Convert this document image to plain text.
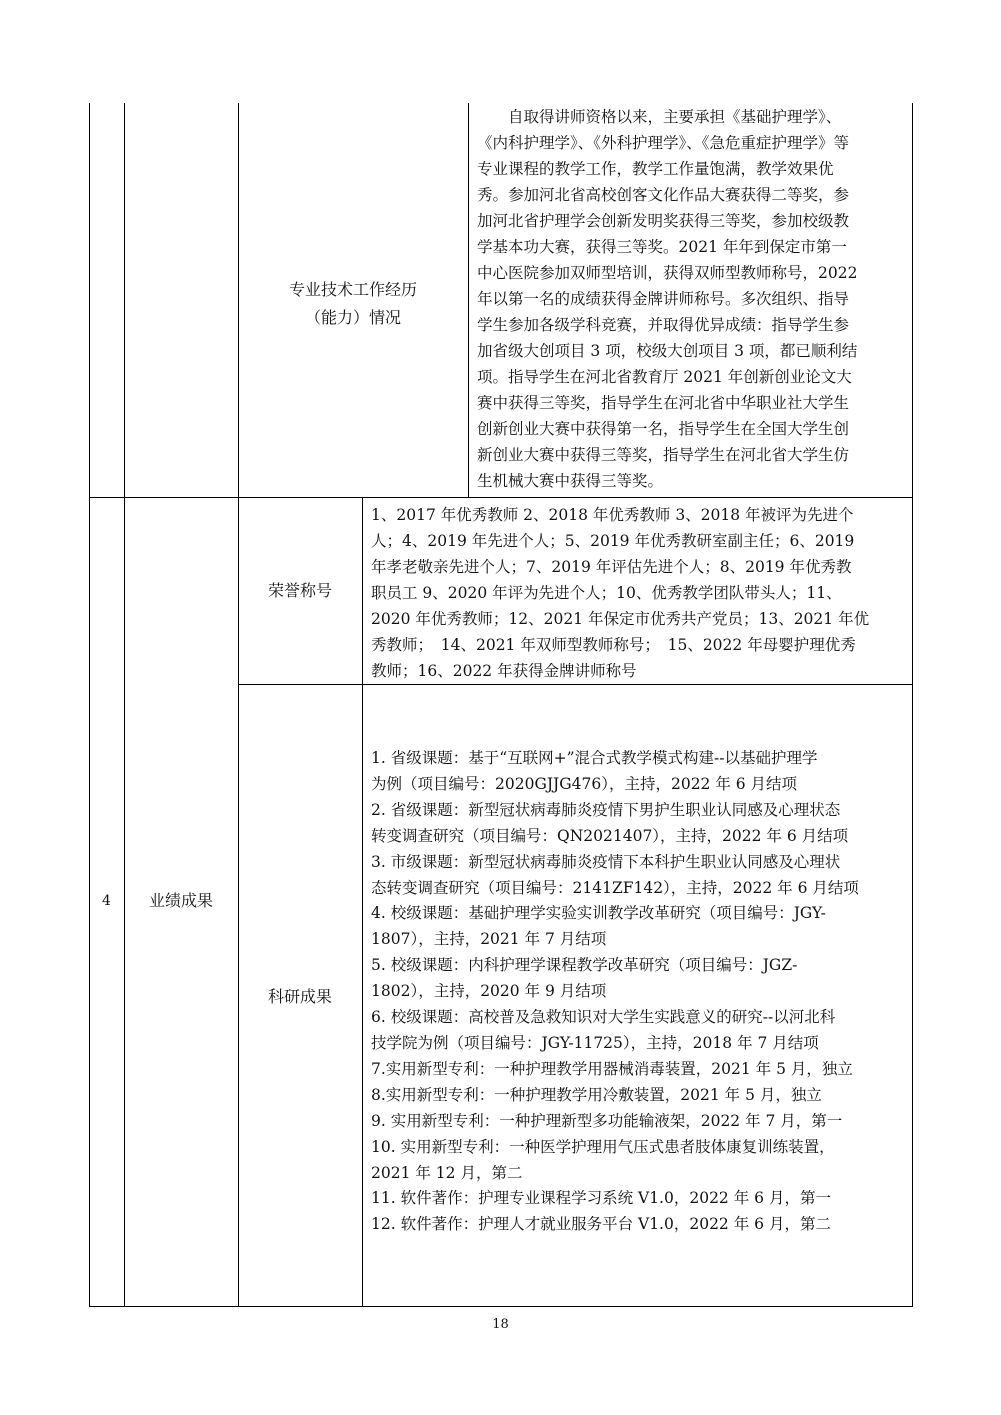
专业技术工作经历
（能力）情况
　　自取得讲师资格以来，主要承担《基础护理学》、
《内科护理学》、《外科护理学》、《急危重症护理学》等
专业课程的教学工作，教学工作量饱满，教学效果优
秀。参加河北省高校创客文化作品大赛获得二等奖，参
加河北省护理学会创新发明奖获得三等奖，参加校级教
学基本功大赛，获得三等奖。2021 年年到保定市第一
中心医院参加双师型培训，获得双师型教师称号，2022
年以第一名的成绩获得金牌讲师称号。多次组织、指导
学生参加各级学科竞赛，并取得优异成绩：指导学生参
加省级大创项目 3 项，校级大创项目 3 项，都已顺利结
项。指导学生在河北省教育厅 2021 年创新创业论文大
赛中获得三等奖，指导学生在河北省中华职业社大学生
创新创业大赛中获得第一名，指导学生在全国大学生创
新创业大赛中获得三等奖，指导学生在河北省大学生仿
生机械大赛中获得三等奖。
4	业绩成果
荣誉称号
1、2017 年优秀教师 2、2018 年优秀教师 3、2018 年被评为先进个
人；4、2019 年先进个人；5、2019 年优秀教研室副主任；6、2019
年孝老敬亲先进个人；7、2019 年评估先进个人；8、2019 年优秀教
职员工 9、2020 年评为先进个人；10、优秀教学团队带头人；11、
2020 年优秀教师；12、2021 年保定市优秀共产党员；13、2021 年优
秀教师；　14、2021 年双师型教师称号；　15、2022 年母婴护理优秀
教师；16、2022 年获得金牌讲师称号
科研成果
1. 省级课题：基于“互联网+”混合式教学模式构建--以基础护理学
为例（项目编号：2020GJJG476），主持，2022 年 6 月结项
2. 省级课题：新型冠状病毒肺炎疫情下男护生职业认同感及心理状态
转变调查研究（项目编号：QN2021407），主持，2022 年 6 月结项
3. 市级课题：新型冠状病毒肺炎疫情下本科护生职业认同感及心理状
态转变调查研究（项目编号：2141ZF142），主持，2022 年 6 月结项
4. 校级课题：基础护理学实验实训教学改革研究（项目编号：JGY-
1807），主持，2021 年 7 月结项
5. 校级课题：内科护理学课程教学改革研究（项目编号：JGZ-
1802），主持，2020 年 9 月结项
6. 校级课题：高校普及急救知识对大学生实践意义的研究--以河北科
技学院为例（项目编号：JGY-11725），主持，2018 年 7 月结项
7.实用新型专利：一种护理教学用器械消毒装置，2021 年 5 月，独立
8.实用新型专利：一种护理教学用冷敷装置，2021 年 5 月，独立
9. 实用新型专利：一种护理新型多功能输液架，2022 年 7 月，第一
10. 实用新型专利：一种医学护理用气压式患者肢体康复训练装置，
2021 年 12 月，第二
11. 软件著作：护理专业课程学习系统 V1.0，2022 年 6 月，第一
12. 软件著作：护理人才就业服务平台 V1.0，2022 年 6 月，第二
18
